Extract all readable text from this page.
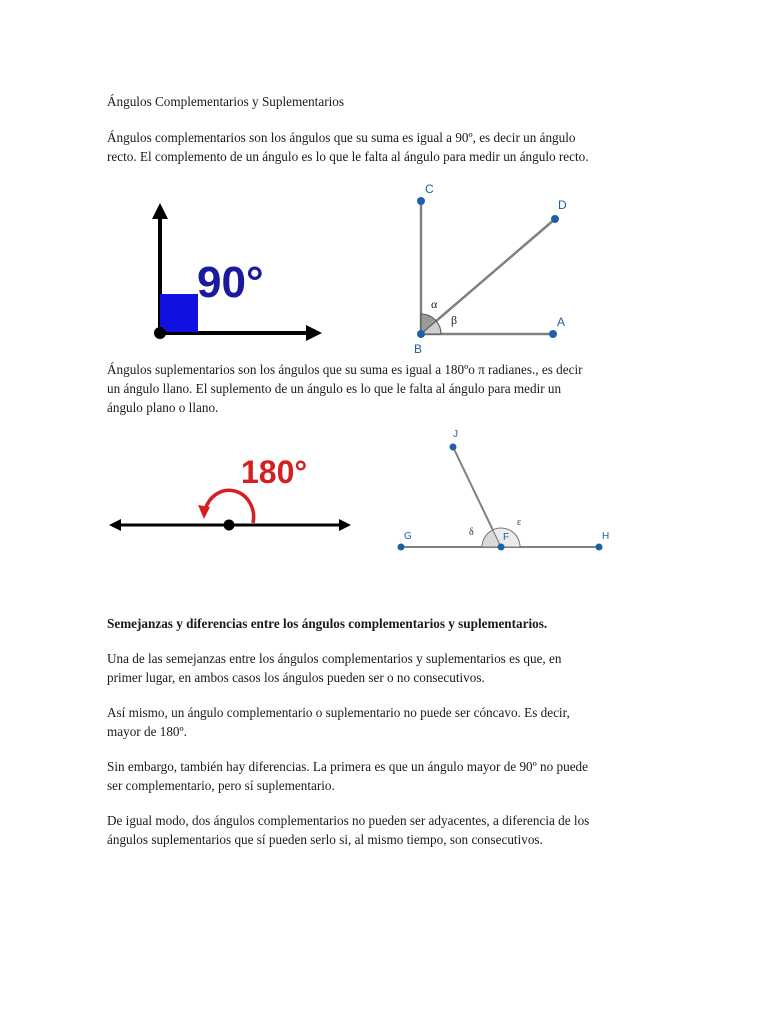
Ángulos Complementarios y Suplementarios

Ángulos complementarios son los ángulos que su suma es igual a 90º, es decir un ángulo

recto. El complemento de un ángulo es lo que le falta al ángulo para medir un ángulo recto.

90°
C
D
A
B
α
β

Ángulos suplementarios son los ángulos que su suma es igual a 180ºo π radianes., es decir

un ángulo llano. El suplemento de un ángulo es lo que le falta al ángulo para medir un

ángulo plano o llano.

180°
J
G	F	H
δ
ε

Semejanzas y diferencias entre los ángulos complementarios y suplementarios.

Una de las semejanzas entre los ángulos complementarios y suplementarios es que, en

primer lugar, en ambos casos los ángulos pueden ser o no consecutivos.

Así mismo, un ángulo complementario o suplementario no puede ser cóncavo. Es decir,

mayor de 180º.

Sin embargo, también hay diferencias. La primera es que un ángulo mayor de 90º no puede

ser complementario, pero sí suplementario.

De igual modo, dos ángulos complementarios no pueden ser adyacentes, a diferencia de los

ángulos suplementarios que sí pueden serlo si, al mismo tiempo, son consecutivos.
